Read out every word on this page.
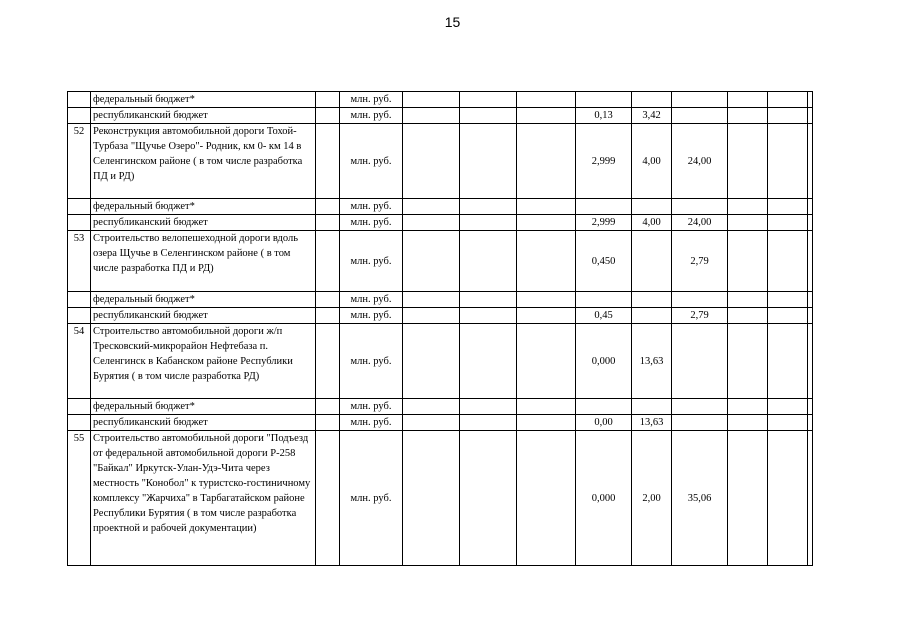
15
	федеральный бюджет*		млн. руб.									
	республиканский бюджет		млн. руб.				0,13	3,42				
52	Реконструкция автомобильной дороги Тохой- Турбаза "Щучье Озеро"- Родник, км 0- км 14 в Селенгинском районе ( в том числе разработка ПД и РД)		млн. руб.				2,999	4,00	24,00			
	федеральный бюджет*		млн. руб.									
	республиканский бюджет		млн. руб.				2,999	4,00	24,00			
53	Строительство велопешеходной дороги вдоль озера Щучье в Селенгинском районе ( в том числе разработка ПД и РД)		млн. руб.				0,450		2,79			
	федеральный бюджет*		млн. руб.									
	республиканский бюджет		млн. руб.				0,45		2,79			
54	Строительство автомобильной дороги ж/п Тресковский-микрорайон Нефтебаза п. Селенгинск в Кабанском районе Республики Бурятия ( в том числе разработка РД)		млн. руб.				0,000	13,63				
	федеральный бюджет*		млн. руб.									
	республиканский бюджет		млн. руб.				0,00	13,63				
55	Строительство автомобильной дороги "Подъезд от федеральной автомобильной дороги Р-258 "Байкал" Иркутск-Улан-Удэ-Чита через местность "Конобол" к туристско-гостиничному комплексу "Жарчиха" в Тарбагатайском районе Республики Бурятия ( в том числе разработка проектной и рабочей документации)		млн. руб.				0,000	2,00	35,06			
